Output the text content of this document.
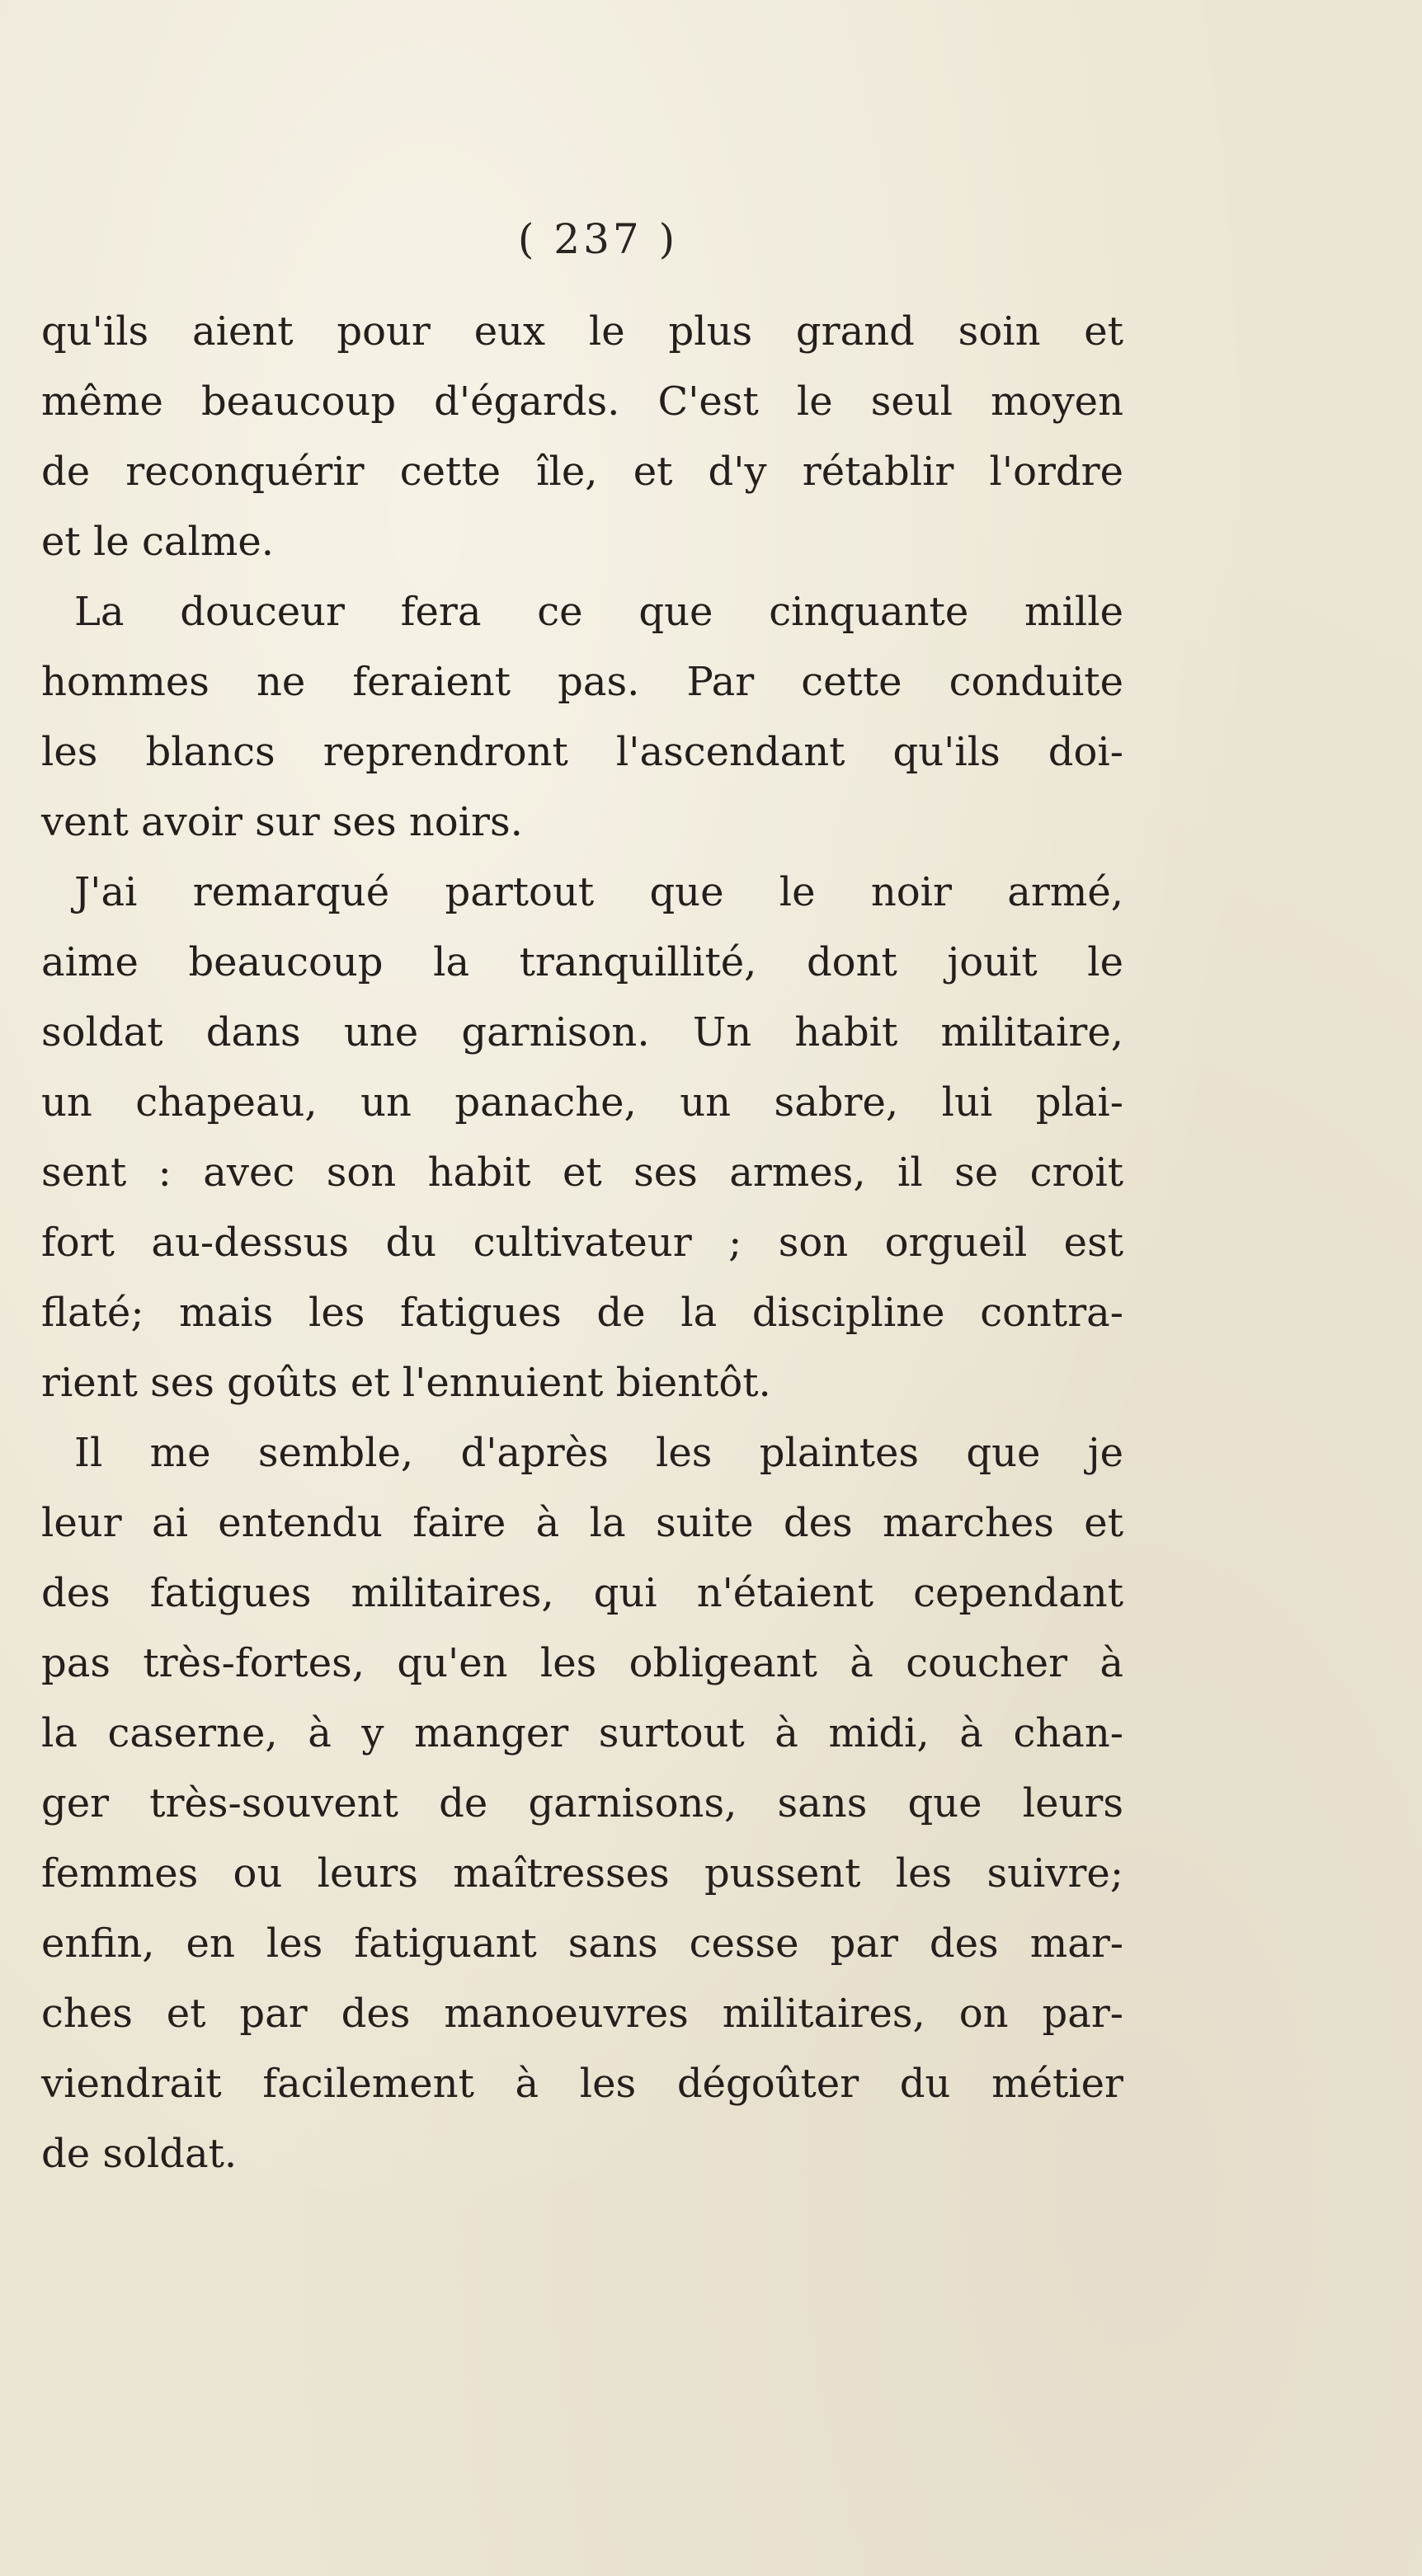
( 237 )
qu'ils aient pour eux le plus grand soin et
même beaucoup d'égards. C'est le seul moyen
de reconquérir cette île, et d'y rétablir l'ordre
et le calme.
La douceur fera ce que cinquante mille
hommes ne feraient pas. Par cette conduite
les blancs reprendront l'ascendant qu'ils doi-
vent avoir sur ses noirs.
J'ai remarqué partout que le noir armé,
aime beaucoup la tranquillité, dont jouit le
soldat dans une garnison. Un habit militaire,
un chapeau, un panache, un sabre, lui plai-
sent : avec son habit et ses armes, il se croit
fort au-dessus du cultivateur ; son orgueil est
flaté; mais les fatigues de la discipline contra-
rient ses goûts et l'ennuient bientôt.
Il me semble, d'après les plaintes que je
leur ai entendu faire à la suite des marches et
des fatigues militaires, qui n'étaient cependant
pas très-fortes, qu'en les obligeant à coucher à
la caserne, à y manger surtout à midi, à chan-
ger très-souvent de garnisons, sans que leurs
femmes ou leurs maîtresses pussent les suivre;
enfin, en les fatiguant sans cesse par des mar-
ches et par des manoeuvres militaires, on par-
viendrait facilement à les dégoûter du métier
de soldat.
